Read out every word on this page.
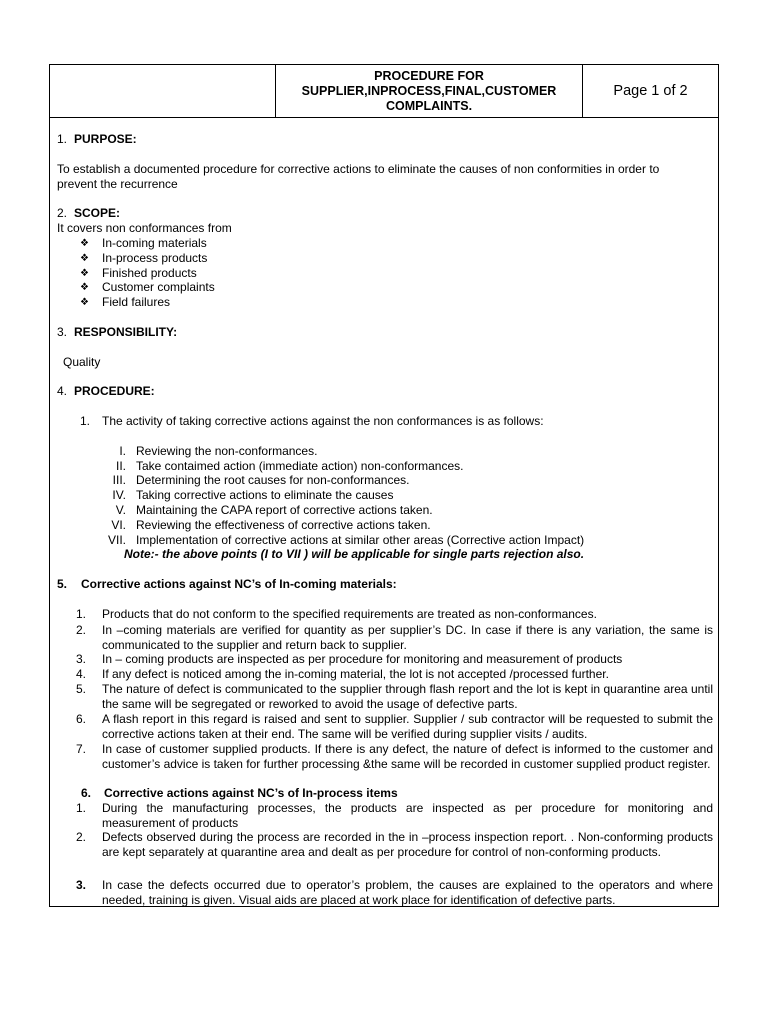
PROCEDURE FOR
SUPPLIER,INPROCESS,FINAL,CUSTOMER
COMPLAINTS.
Page 1 of 2
1. PURPOSE:
To establish a documented procedure for corrective actions to eliminate the causes of non conformities in order to
prevent the recurrence
2. SCOPE:
It covers non conformances from
❖ In-coming materials
❖ In-process products
❖ Finished products
❖ Customer complaints
❖ Field failures
3. RESPONSIBILITY:
Quality
4. PROCEDURE:
1. The activity of taking corrective actions against the non conformances is as follows:
I. Reviewing the non-conformances.
II. Take contaimed action (immediate action) non-conformances.
III. Determining the root causes for non-conformances.
IV. Taking corrective actions to eliminate the causes
V. Maintaining the CAPA report of corrective actions taken.
VI. Reviewing the effectiveness of corrective actions taken.
VII. Implementation of corrective actions at similar other areas (Corrective action Impact)
Note:- the above points (I to VII ) will be applicable for single parts rejection also.
5. Corrective actions against NC’s of In-coming materials:
1. Products that do not conform to the specified requirements are treated as non-conformances.
2. In –coming materials are verified for quantity as per supplier’s DC. In case if there is any variation, the same is communicated to the supplier and return back to supplier.
3. In – coming products are inspected as per procedure for monitoring and measurement of products
4. If any defect is noticed among the in-coming material, the lot is not accepted /processed further.
5. The nature of defect is communicated to the supplier through flash report and the lot is kept in quarantine area until the same will be segregated or reworked to avoid the usage of defective parts.
6. A flash report in this regard is raised and sent to supplier. Supplier / sub contractor will be requested to submit the corrective actions taken at their end. The same will be verified during supplier visits / audits.
7. In case of customer supplied products. If there is any defect, the nature of defect is informed to the customer and customer’s advice is taken for further processing &the same will be recorded in customer supplied product register.
6. Corrective actions against NC’s of In-process items
1. During the manufacturing processes, the products are inspected as per procedure for monitoring and measurement of products
2. Defects observed during the process are recorded in the in –process inspection report. . Non-conforming products are kept separately at quarantine area and dealt as per procedure for control of non-conforming products.
3. In case the defects occurred due to operator’s problem, the causes are explained to the operators and where needed, training is given. Visual aids are placed at work place for identification of defective parts.
